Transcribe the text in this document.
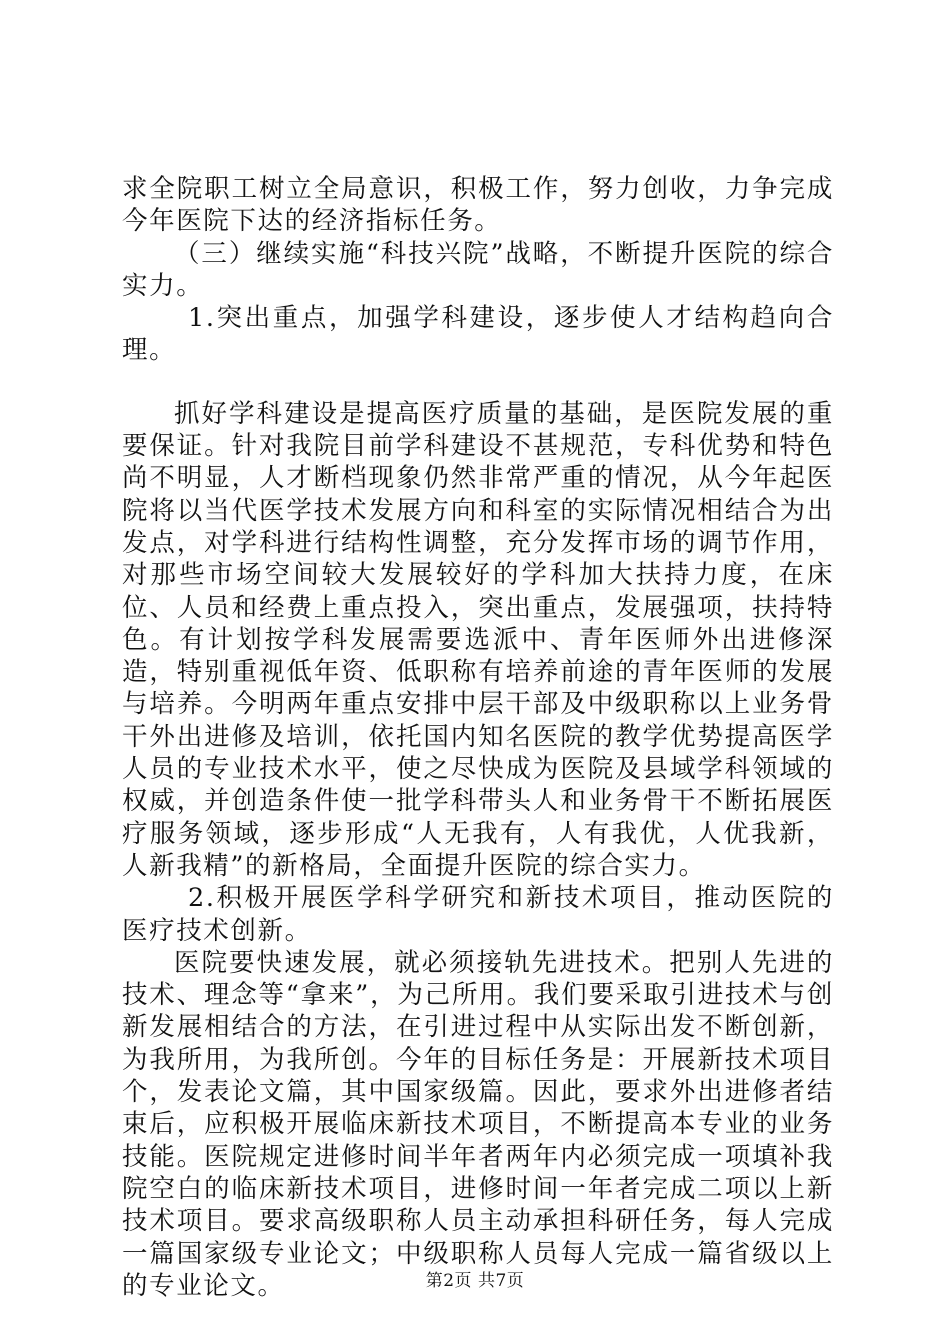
求全院职工树立全局意识，积极工作，努力创收，力争完成今年医院下达的经济指标任务。

（三）继续实施“科技兴院”战略，不断提升医院的综合实力。

1.突出重点，加强学科建设，逐步使人才结构趋向合理。

抓好学科建设是提高医疗质量的基础，是医院发展的重要保证。针对我院目前学科建设不甚规范，专科优势和特色尚不明显，人才断档现象仍然非常严重的情况，从今年起医院将以当代医学技术发展方向和科室的实际情况相结合为出发点，对学科进行结构性调整，充分发挥市场的调节作用，对那些市场空间较大发展较好的学科加大扶持力度，在床位、人员和经费上重点投入，突出重点，发展强项，扶持特色。有计划按学科发展需要选派中、青年医师外出进修深造，特别重视低年资、低职称有培养前途的青年医师的发展与培养。今明两年重点安排中层干部及中级职称以上业务骨干外出进修及培训，依托国内知名医院的教学优势提高医学人员的专业技术水平，使之尽快成为医院及县域学科领域的权威，并创造条件使一批学科带头人和业务骨干不断拓展医疗服务领域，逐步形成“人无我有，人有我优，人优我新，人新我精”的新格局，全面提升医院的综合实力。

2.积极开展医学科学研究和新技术项目，推动医院的医疗技术创新。

医院要快速发展，就必须接轨先进技术。把别人先进的技术、理念等“拿来”，为己所用。我们要采取引进技术与创新发展相结合的方法，在引进过程中从实际出发不断创新，为我所用，为我所创。今年的目标任务是：开展新技术项目个，发表论文篇，其中国家级篇。因此，要求外出进修者结束后，应积极开展临床新技术项目，不断提高本专业的业务技能。医院规定进修时间半年者两年内必须完成一项填补我院空白的临床新技术项目，进修时间一年者完成二项以上新技术项目。要求高级职称人员主动承担科研任务，每人完成一篇国家级专业论文；中级职称人员每人完成一篇省级以上的专业论文。	第2页 共7页
